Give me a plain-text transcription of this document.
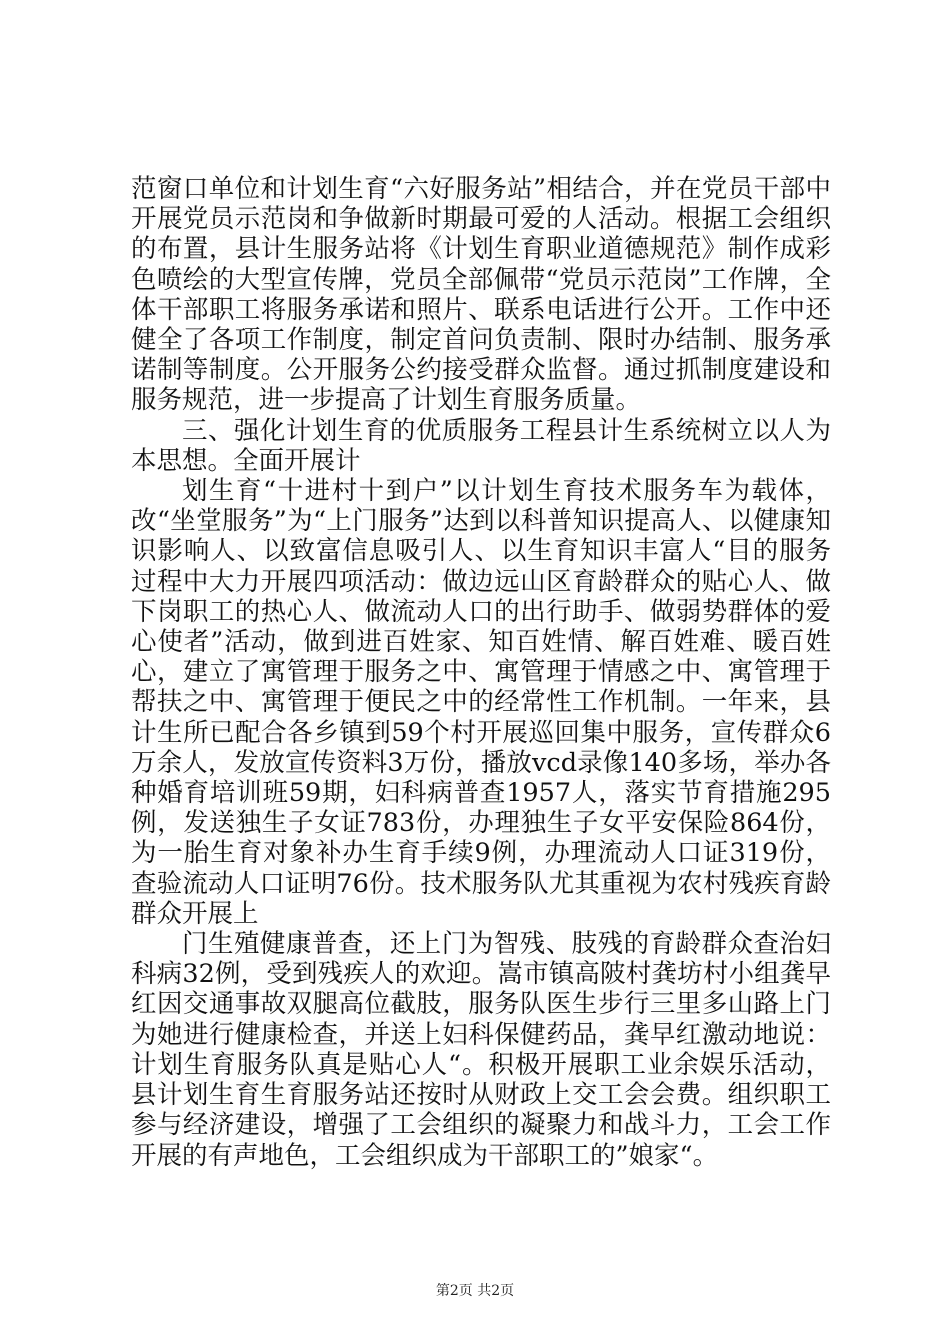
范窗口单位和计划生育“六好服务站”相结合，并在党员干部中开展党员示范岗和争做新时期最可爱的人活动。根据工会组织的布置，县计生服务站将《计划生育职业道德规范》制作成彩色喷绘的大型宣传牌，党员全部佩带“党员示范岗”工作牌，全体干部职工将服务承诺和照片、联系电话进行公开。工作中还健全了各项工作制度，制定首问负责制、限时办结制、服务承诺制等制度。公开服务公约接受群众监督。通过抓制度建设和服务规范，进一步提高了计划生育服务质量。

三、强化计划生育的优质服务工程县计生系统树立以人为本思想。全面开展计

划生育“十进村十到户”以计划生育技术服务车为载体，改“坐堂服务”为“上门服务”达到以科普知识提高人、以健康知识影响人、以致富信息吸引人、以生育知识丰富人“目的服务过程中大力开展四项活动：做边远山区育龄群众的贴心人、做下岗职工的热心人、做流动人口的出行助手、做弱势群体的爱心使者”活动，做到进百姓家、知百姓情、解百姓难、暖百姓心，建立了寓管理于服务之中、寓管理于情感之中、寓管理于帮扶之中、寓管理于便民之中的经常性工作机制。一年来，县计生所已配合各乡镇到59个村开展巡回集中服务，宣传群众6万余人，发放宣传资料3万份，播放vcd录像140多场，举办各种婚育培训班59期，妇科病普查1957人，落实节育措施295例，发送独生子女证783份，办理独生子女平安保险864份，为一胎生育对象补办生育手续9例，办理流动人口证319份，查验流动人口证明76份。技术服务队尤其重视为农村残疾育龄群众开展上

门生殖健康普查，还上门为智残、肢残的育龄群众查治妇科病32例，受到残疾人的欢迎。嵩市镇高陂村龚坊村小组龚早红因交通事故双腿高位截肢，服务队医生步行三里多山路上门为她进行健康检查，并送上妇科保健药品，龚早红激动地说：计划生育服务队真是贴心人“。积极开展职工业余娱乐活动，县计划生育生育服务站还按时从财政上交工会会费。组织职工参与经济建设，增强了工会组织的凝聚力和战斗力，工会工作开展的有声地色，工会组织成为干部职工的”娘家“。

第2页 共2页
